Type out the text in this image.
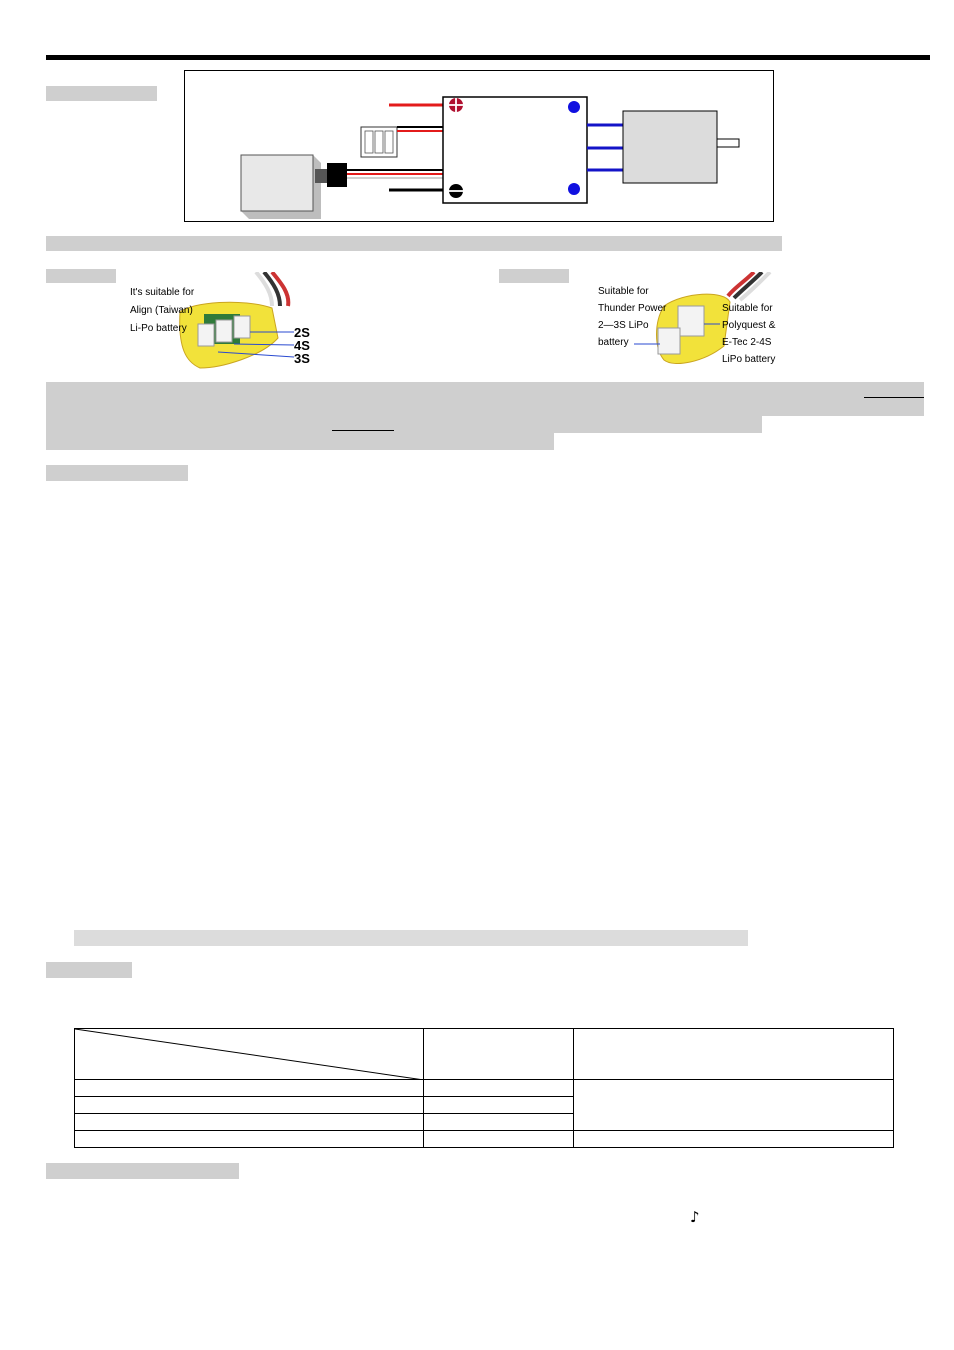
It's suitable for
Align (Taiwan)
Li-Po battery	2S
4S
3S
Suitable for
Thunder Power
2—3S LiPo
battery
Suitable for
Polyquest &
E-Tec 2-4S
LiPo battery

♪
